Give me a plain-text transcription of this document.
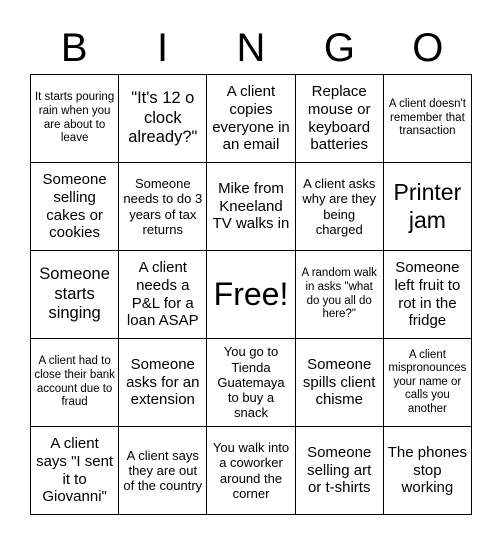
B	I	N	G	O
It starts pouring rain when you are about to leave
"It's 12 o clock already?"
A client copies everyone in an email
Replace mouse or keyboard batteries
A client doesn't remember that transaction
Someone selling cakes or cookies
Someone needs to do 3 years of tax returns
Mike from Kneeland TV walks in
A client asks why are they being charged
Printer jam
Someone starts singing
A client needs a P&L for a loan ASAP
Free!
A random walk in asks "what do you all do here?"
Someone left fruit to rot in the fridge
A client had to close their bank account due to fraud
Someone asks for an extension
You go to Tienda Guatemaya to buy a snack
Someone spills client chisme
A client mispronounces your name or calls you another
A client says "I sent it to Giovanni"
A client says they are out of the country
You walk into a coworker around the corner
Someone selling art or t-shirts
The phones stop working
